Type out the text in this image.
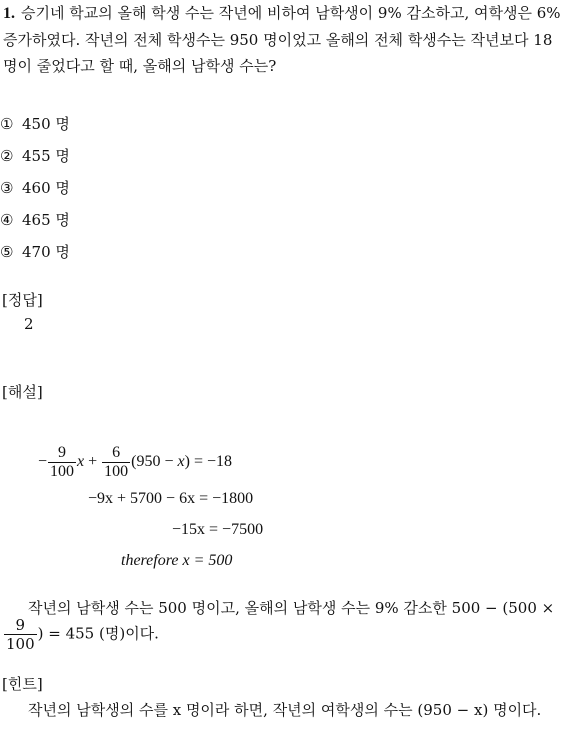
1. 승기네 학교의 올해 학생 수는 작년에 비하여 남학생이 9% 감소하고, 여학생은 6% 증가하였다. 작년의 전체 학생수는 950 명이었고 올해의 전체 학생수는 작년보다 18 명이 줄었다고 할 때, 올해의 남학생 수는?
① 450 명
② 455 명
③ 460 명
④ 465 명
⑤ 470 명
[정답]
2
[해설]
− $\frac{9}{100}$ $x + \frac{6}{100} (950 - x) = -18$
−9x + 5700 − 6x = −1800
−15x = −7500
therefore x = 500
작년의 남학생 수는 500 명이고, 올해의 남학생 수는 9% 감소한 500 − (500 ×
$\frac{9}{100}$ ) = 455 (명)이다.
[힌트]
작년의 남학생의 수를 x 명이라 하면, 작년의 여학생의 수는 (950 − x) 명이다.
